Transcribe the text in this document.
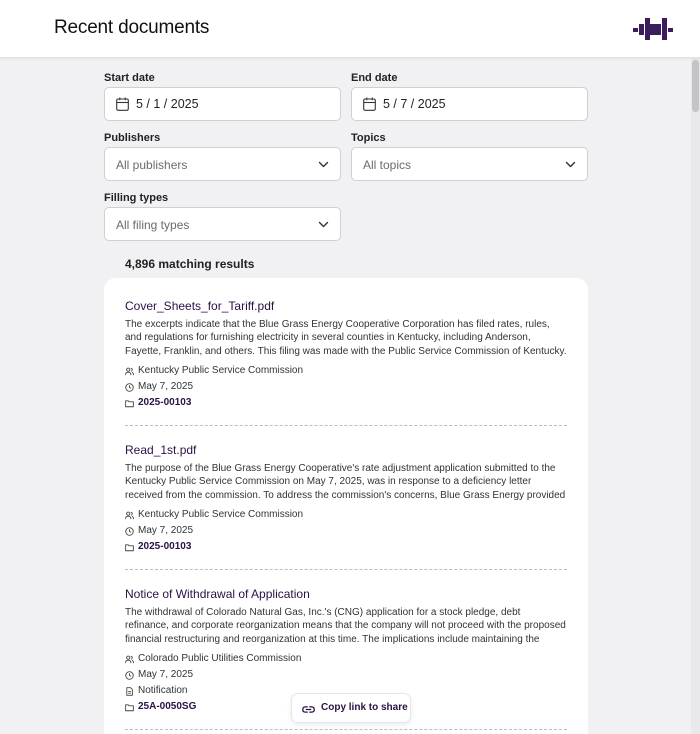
Recent documents
Start date
5 / 1 / 2025
End date
5 / 7 / 2025
Publishers
All publishers
Topics
All topics
Filling types
All filing types
4,896 matching results
Cover_Sheets_for_Tariff.pdf
The excerpts indicate that the Blue Grass Energy Cooperative Corporation has filed rates, rules, and regulations for furnishing electricity in several counties in Kentucky, including Anderson, Fayette, Franklin, and others. This filing was made with the Public Service Commission of Kentucky.
Kentucky Public Service Commission
May 7, 2025
2025-00103
Read_1st.pdf
The purpose of the Blue Grass Energy Cooperative's rate adjustment application submitted to the Kentucky Public Service Commission on May 7, 2025, was in response to a deficiency letter received from the commission. To address the commission's concerns, Blue Grass Energy provided
Kentucky Public Service Commission
May 7, 2025
2025-00103
Notice of Withdrawal of Application
The withdrawal of Colorado Natural Gas, Inc.'s (CNG) application for a stock pledge, debt refinance, and corporate reorganization means that the company will not proceed with the proposed financial restructuring and reorganization at this time. The implications include maintaining the
Colorado Public Utilities Commission
May 7, 2025
Notification
25A-0050SG	Copy link to share
